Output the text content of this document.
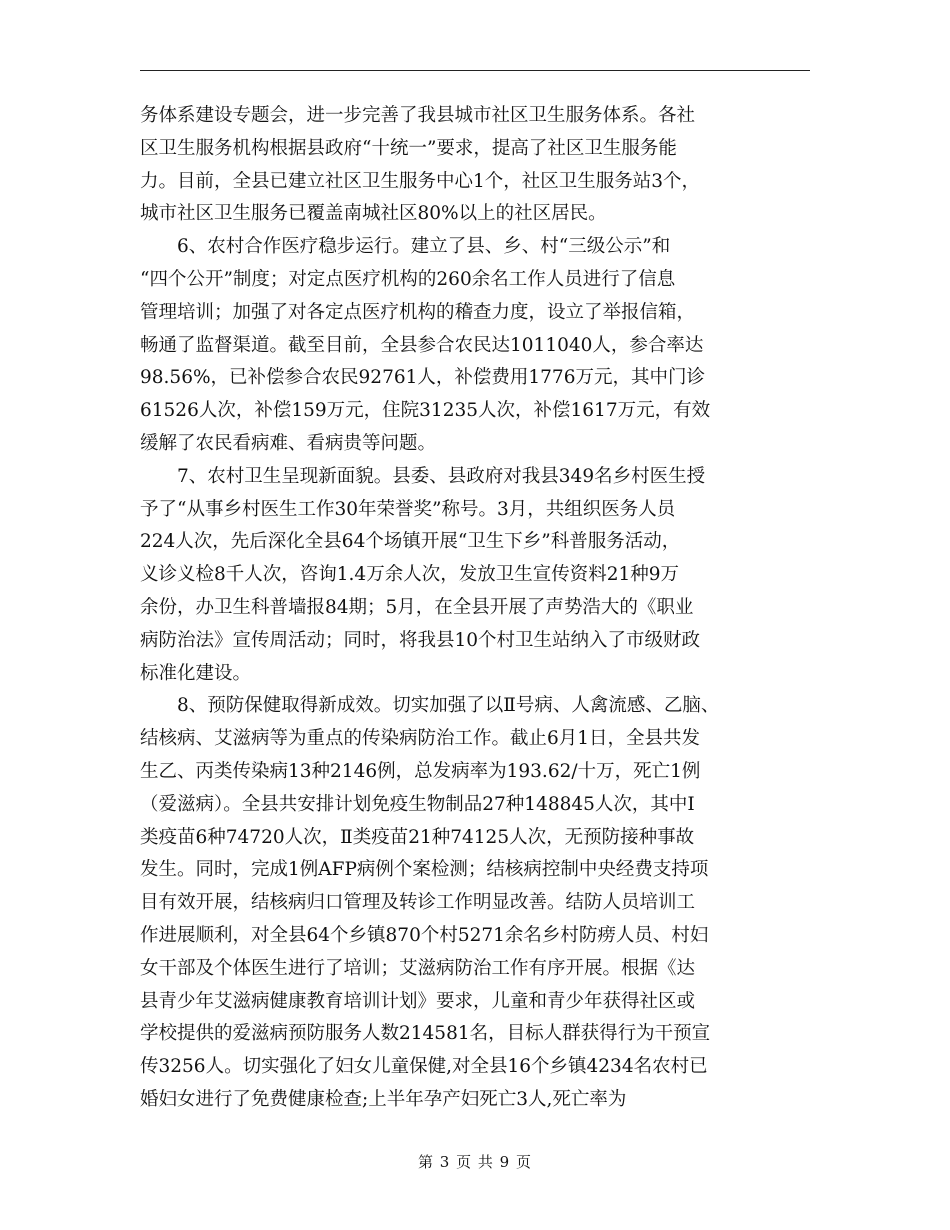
务体系建设专题会，进一步完善了我县城市社区卫生服务体系。各社
区卫生服务机构根据县政府“十统一”要求，提高了社区卫生服务能
力。目前，全县已建立社区卫生服务中心1个，社区卫生服务站3个，
城市社区卫生服务已覆盖南城社区80%以上的社区居民。
　　6、农村合作医疗稳步运行。建立了县、乡、村“三级公示”和
“四个公开”制度；对定点医疗机构的260余名工作人员进行了信息
管理培训；加强了对各定点医疗机构的稽查力度，设立了举报信箱，
畅通了监督渠道。截至目前，全县参合农民达1011040人，参合率达
98.56%，已补偿参合农民92761人，补偿费用1776万元，其中门诊
61526人次，补偿159万元，住院31235人次，补偿1617万元，有效
缓解了农民看病难、看病贵等问题。
　　7、农村卫生呈现新面貌。县委、县政府对我县349名乡村医生授
予了“从事乡村医生工作30年荣誉奖”称号。3月，共组织医务人员
224人次，先后深化全县64个场镇开展“卫生下乡”科普服务活动，
义诊义检8千人次，咨询1.4万余人次，发放卫生宣传资料21种9万
余份，办卫生科普墙报84期；5月，在全县开展了声势浩大的《职业
病防治法》宣传周活动；同时，将我县10个村卫生站纳入了市级财政
标准化建设。
　　8、预防保健取得新成效。切实加强了以Ⅱ号病、人禽流感、乙脑、
结核病、艾滋病等为重点的传染病防治工作。截止6月1日，全县共发
生乙、丙类传染病13种2146例，总发病率为193.62/十万，死亡1例
（爱滋病）。全县共安排计划免疫生物制品27种148845人次，其中Ⅰ
类疫苗6种74720人次，Ⅱ类疫苗21种74125人次，无预防接种事故
发生。同时，完成1例AFP病例个案检测；结核病控制中央经费支持项
目有效开展，结核病归口管理及转诊工作明显改善。结防人员培训工
作进展顺利，对全县64个乡镇870个村5271余名乡村防痨人员、村妇
女干部及个体医生进行了培训；艾滋病防治工作有序开展。根据《达
县青少年艾滋病健康教育培训计划》要求，儿童和青少年获得社区或
学校提供的爱滋病预防服务人数214581名，目标人群获得行为干预宣
传3256人。切实强化了妇女儿童保健,对全县16个乡镇4234名农村已
婚妇女进行了免费健康检查;上半年孕产妇死亡3人,死亡率为
第 3 页 共 9 页
